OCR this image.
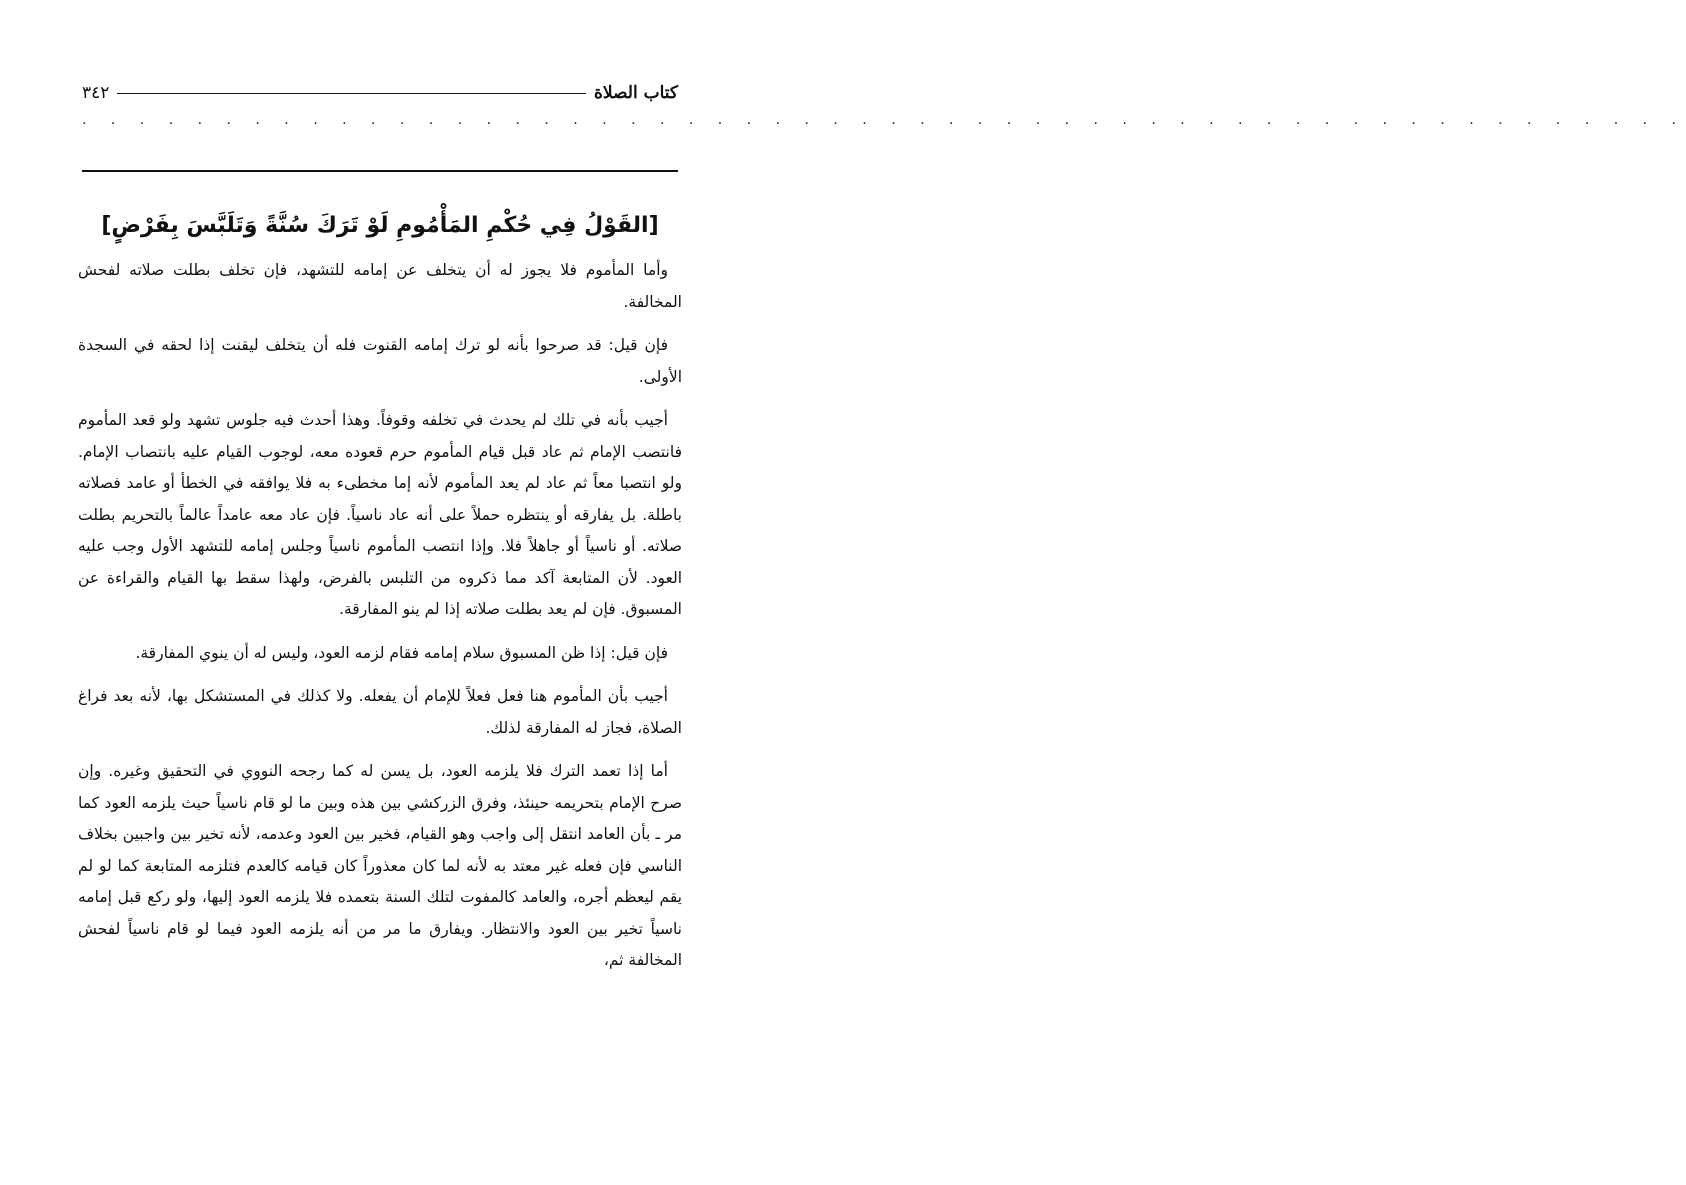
كتاب الصلاة
٣٤٢
. . . . . . . . . . . . . . . . . . . . . . . . . . . . . . . . . . . . . . . . . . . . . . . . . . . . . . . .
[القَوْلُ فِي حُكْمِ المَأْمُومِ لَوْ تَرَكَ سُنَّةً وَتَلَبَّسَ بِفَرْضٍ]

وأما المأموم فلا يجوز له أن يتخلف عن إمامه للتشهد، فإن تخلف بطلت صلاته لفحش المخالفة.

فإن قيل: قد صرحوا بأنه لو ترك إمامه القنوت فله أن يتخلف ليقنت إذا لحقه في السجدة الأولى.

أجيب بأنه في تلك لم يحدث في تخلفه وقوفاً. وهذا أحدث فيه جلوس تشهد ولو قعد المأموم فانتصب الإمام ثم عاد قبل قيام المأموم حرم قعوده معه، لوجوب القيام عليه بانتصاب الإمام. ولو انتصبا معاً ثم عاد لم يعد المأموم لأنه إما مخطىء به فلا يوافقه في الخطأ أو عامد فصلاته باطلة. بل يفارقه أو ينتظره حملاً على أنه عاد ناسياً. فإن عاد معه عامداً عالماً بالتحريم بطلت صلاته. أو ناسياً أو جاهلاً فلا. وإذا انتصب المأموم ناسياً وجلس إمامه للتشهد الأول وجب عليه العود. لأن المتابعة آكد مما ذكروه من التلبس بالفرض، ولهذا سقط بها القيام والقراءة عن المسبوق. فإن لم يعد بطلت صلاته إذا لم ينو المفارقة.

فإن قيل: إذا ظن المسبوق سلام إمامه فقام لزمه العود، وليس له أن ينوي المفارقة.

أجيب بأن المأموم هنا فعل فعلاً للإمام أن يفعله. ولا كذلك في المستشكل بها، لأنه بعد فراغ الصلاة، فجاز له المفارقة لذلك.

أما إذا تعمد الترك فلا يلزمه العود، بل يسن له كما رجحه النووي في التحقيق وغيره. وإن صرح الإمام بتحريمه حينئذ، وفرق الزركشي بين هذه وبين ما لو قام ناسياً حيث يلزمه العود كما مر ـ بأن العامد انتقل إلى واجب وهو القيام، فخير بين العود وعدمه، لأنه تخير بين واجبين بخلاف الناسي فإن فعله غير معتد به لأنه لما كان معذوراً كان قيامه كالعدم فتلزمه المتابعة كما لو لم يقم ليعظم أجره، والعامد كالمفوت لتلك السنة بتعمده فلا يلزمه العود إليها، ولو ركع قبل إمامه ناسياً تخير بين العود والانتظار. ويفارق ما مر من أنه يلزمه العود فيما لو قام ناسياً لفحش المخالفة ثم،
